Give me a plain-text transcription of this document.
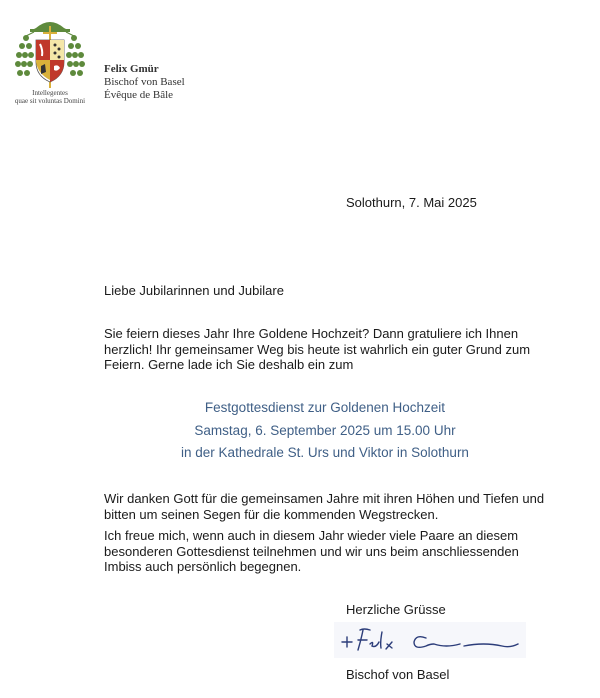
Intellegentes
quae sit voluntas Domini
Felix Gmür
Bischof von Basel
Évêque de Bâle
Solothurn, 7. Mai 2025

Liebe Jubilarinnen und Jubilare

Sie feiern dieses Jahr Ihre Goldene Hochzeit? Dann gratuliere ich Ihnen herzlich! Ihr gemeinsamer Weg bis heute ist wahrlich ein guter Grund zum Feiern. Gerne lade ich Sie deshalb ein zum

Festgottesdienst zur Goldenen Hochzeit
Samstag, 6. September 2025 um 15.00 Uhr
in der Kathedrale St. Urs und Viktor in Solothurn

Wir danken Gott für die gemeinsamen Jahre mit ihren Höhen und Tiefen und bitten um seinen Segen für die kommenden Wegstrecken.

Ich freue mich, wenn auch in diesem Jahr wieder viele Paare an diesem besonderen Gottesdienst teilnehmen und wir uns beim anschliessenden Imbiss auch persönlich begegnen.

Herzliche Grüsse
Bischof von Basel
